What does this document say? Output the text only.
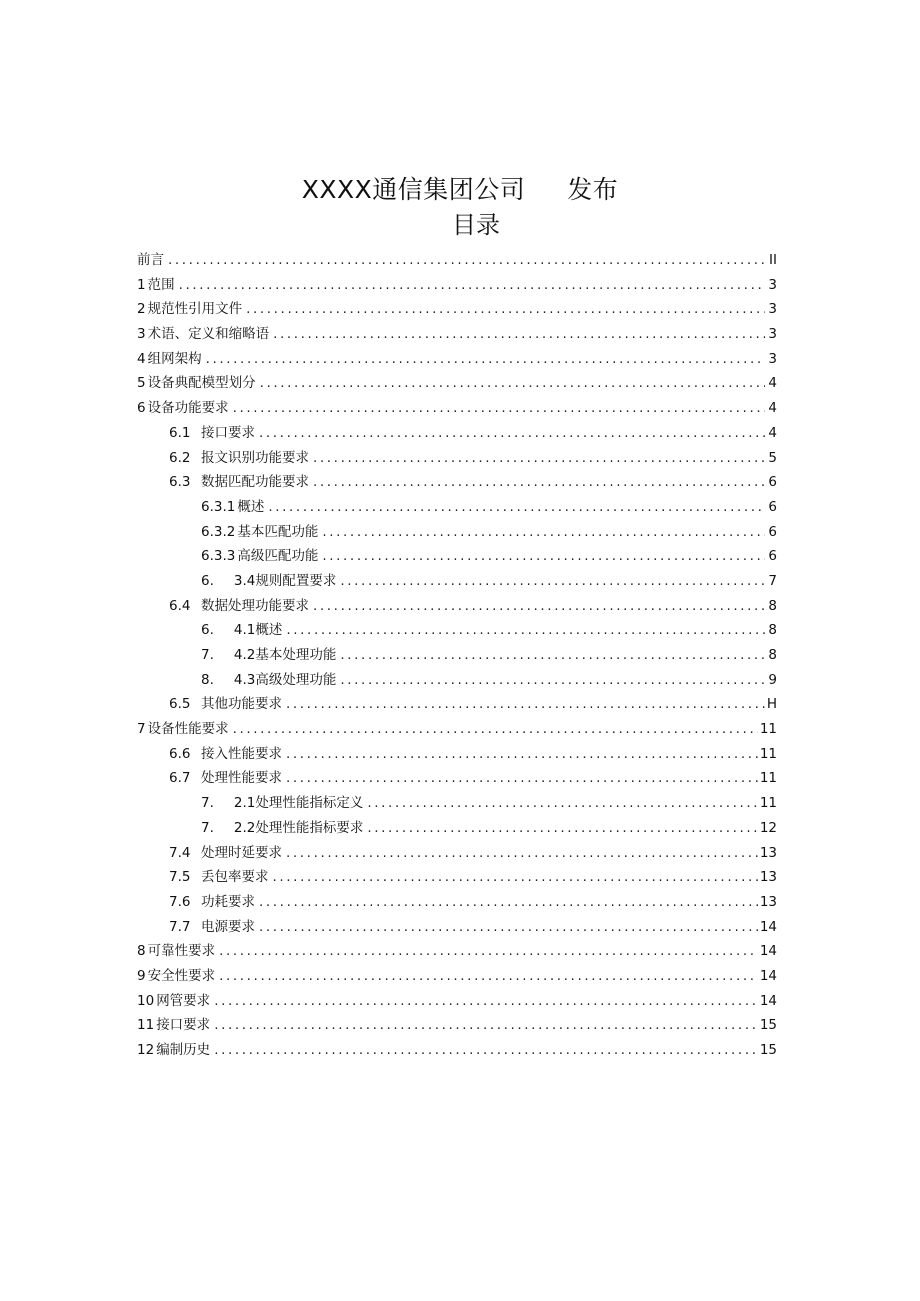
XXXX通信集团公司 发布
目录
前言 .....	II
1 范围 .....	3
2 规范性引用文件 .....	3
3 术语、定义和缩略语 .....	3
4 组网架构 .....	3
5 设备典配模型划分 .....	4
6 设备功能要求 .....	4
6.1 接口要求 .....	4
6.2 报文识别功能要求 .....	5
6.3 数据匹配功能要求 .....	6
6.3.1 概述 .....	6
6.3.2 基本匹配功能 .....	6
6.3.3 高级匹配功能 .....	6
6. 3.4 规则配置要求 .....	7
6.4 数据处理功能要求 .....	8
6. 4.1 概述 .....	8
7. 4.2 基本处理功能 .....	8
8. 4.3 高级处理功能 .....	9
6.5 其他功能要求 .....	H
7 设备性能要求 .....	11
6.6 接入性能要求 .....	11
6.7 处理性能要求 .....	11
7. 2.1 处理性能指标定义 .....	11
7. 2.2 处理性能指标要求 .....	12
7.4 处理时延要求 .....	13
7.5 丢包率要求 .....	13
7.6 功耗要求 .....	13
7.7 电源要求 .....	14
8 可靠性要求 .....	14
9 安全性要求 .....	14
10 网管要求 .....	14
11 接口要求 .....	15
12 编制历史 .....	15
